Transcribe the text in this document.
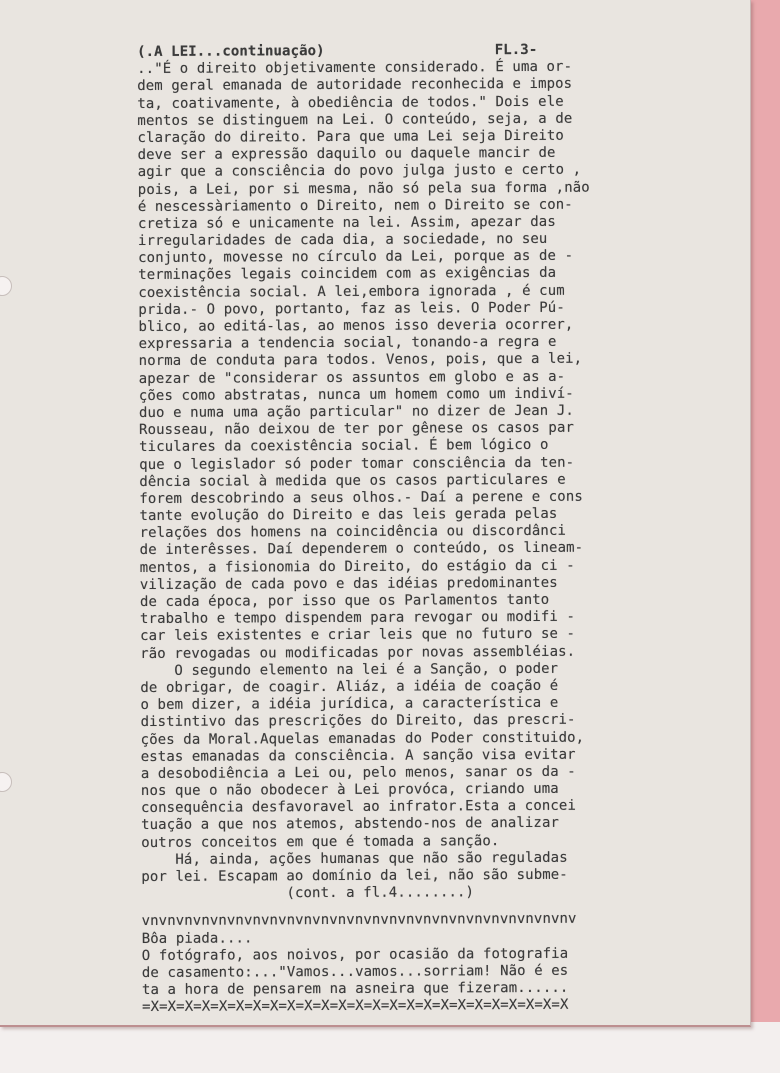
(.A LEI...continuação)	FL.3-
.."É o direito objetivamente considerado. É uma or-
dem geral emanada de autoridade reconhecida e impos
ta, coativamente, à obediência de todos." Dois ele
mentos se distinguem na Lei. O conteúdo, seja, a de
claração do direito. Para que uma Lei seja Direito
deve ser a expressão daquilo ou daquele mancir de
agir que a consciência do povo julga justo e certo ,
pois, a Lei, por si mesma, não só pela sua forma ,não
é nescessàriamento o Direito, nem o Direito se con-
cretiza só e unicamente na lei. Assim, apezar das
irregularidades de cada dia, a sociedade, no seu
conjunto, movesse no círculo da Lei, porque as de -
terminações legais coincidem com as exigências da
coexistência social. A lei,embora ignorada , é cum
prida.- O povo, portanto, faz as leis. O Poder Pú-
blico, ao editá-las, ao menos isso deveria ocorrer,
expressaria a tendencia social, tonando-a regra e
norma de conduta para todos. Venos, pois, que a lei,
apezar de "considerar os assuntos em globo e as a-
ções como abstratas, nunca um homem como um indiví-
duo e numa uma ação particular" no dizer de Jean J.
Rousseau, não deixou de ter por gênese os casos par
ticulares da coexistência social. É bem lógico o
que o legislador só poder tomar consciência da ten-
dência social à medida que os casos particulares e
forem descobrindo a seus olhos.- Daí a perene e cons
tante evolução do Direito e das leis gerada pelas
relações dos homens na coincidência ou discordânci
de interêsses. Daí dependerem o conteúdo, os lineam-
mentos, a fisionomia do Direito, do estágio da ci -
vilização de cada povo e das idéias predominantes
de cada época, por isso que os Parlamentos tanto
trabalho e tempo dispendem para revogar ou modifi -
car leis existentes e criar leis que no futuro se -
rão revogadas ou modificadas por novas assembléias.
O segundo elemento na lei é a Sanção, o poder
de obrigar, de coagir. Aliáz, a idéia de coação é
o bem dizer, a idéia jurídica, a característica e
distintivo das prescrições do Direito, das prescri-
ções da Moral.Aquelas emanadas do Poder constituido,
estas emanadas da consciência. A sanção visa evitar
a desobodiência a Lei ou, pelo menos, sanar os da -
nos que o não obodecer à Lei provóca, criando uma
consequência desfavoravel ao infrator.Esta a concei
tuação a que nos atemos, abstendo-nos de analizar
outros conceitos em que é tomada a sanção.
Há, ainda, ações humanas que não são reguladas
por lei. Escapam ao domínio da lei, não são subme-
(cont. a fl.4........)
vnvnvnvnvnvnvnvnvnvnvnvnvnvnvnvnvnvnvnvnvnvnvnvnvnv
Bôa piada....
O fotógrafo, aos noivos, por ocasião da fotografia
de casamento:..."Vamos...vamos...sorriam! Não é es
ta a hora de pensarem na asneira que fizeram......
=X=X=X=X=X=X=X=X=X=X=X=X=X=X=X=X=X=X=X=X=X=X=X=X=X
